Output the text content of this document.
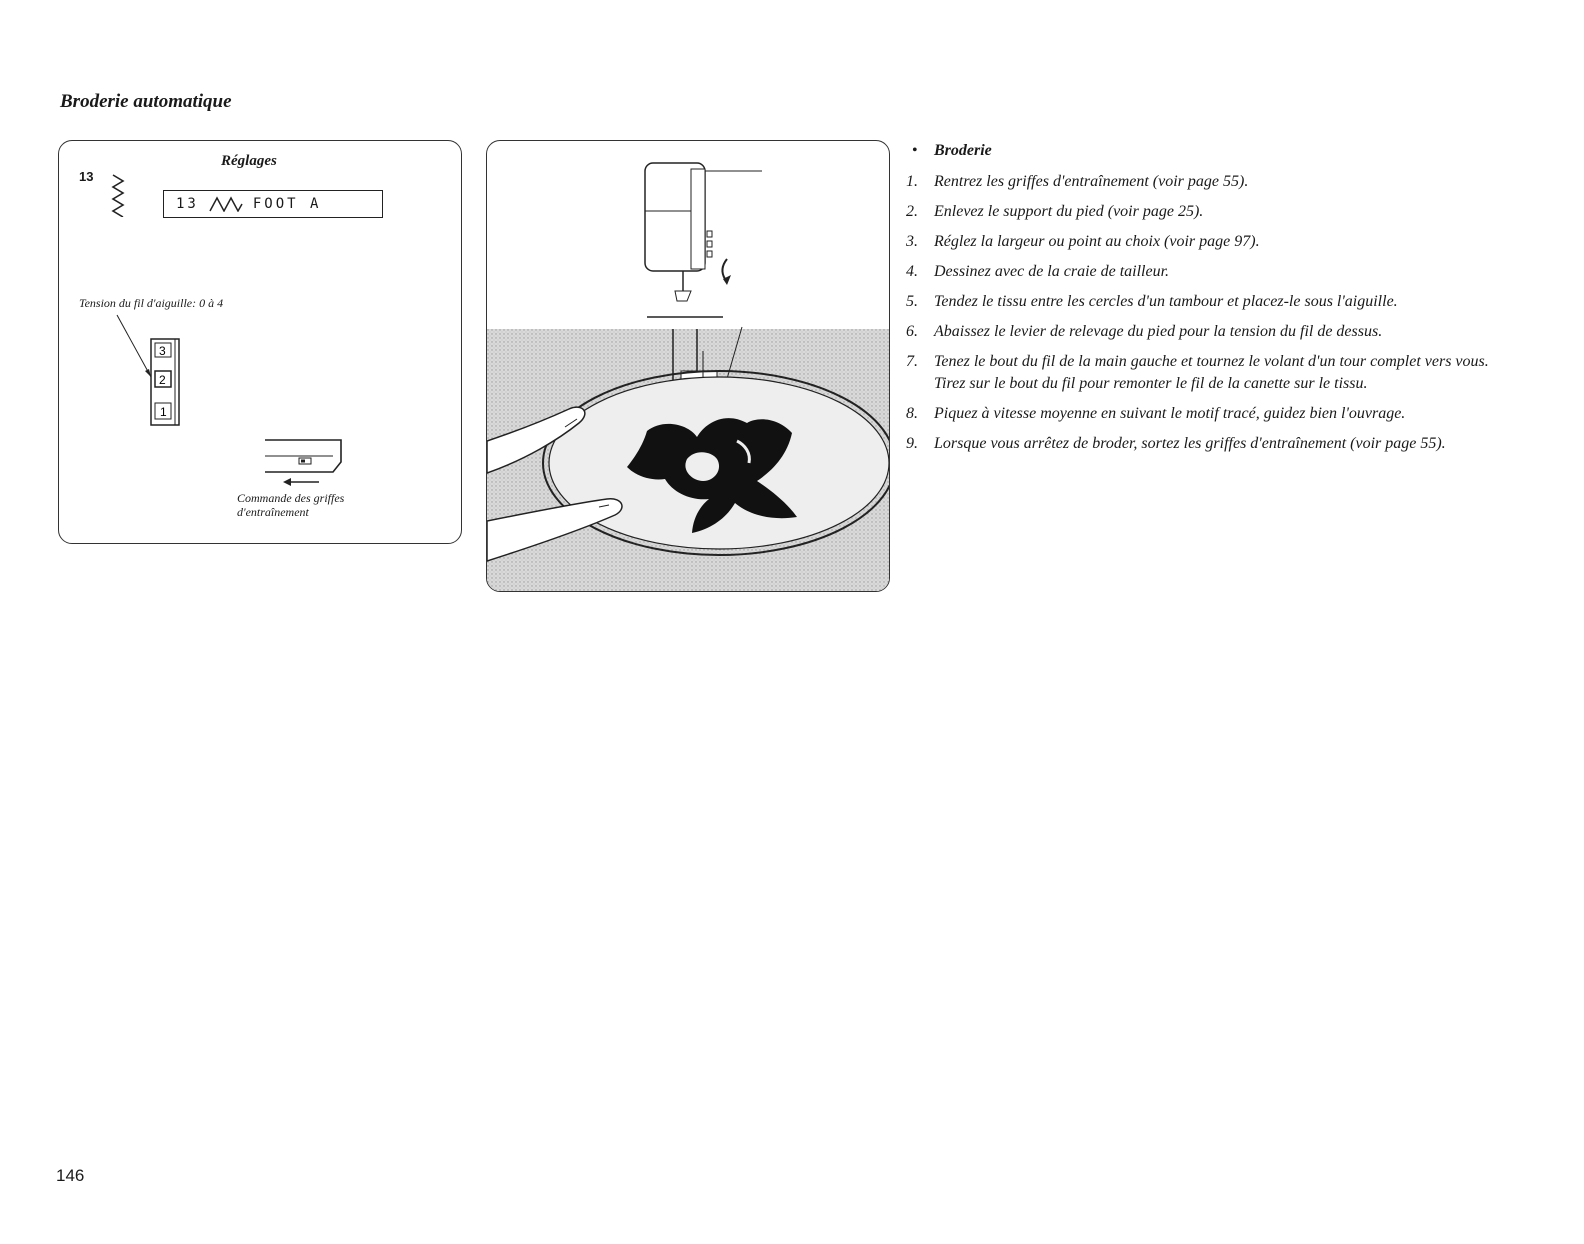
Broderie automatique
13
Réglages
13	FOOT A
Tension du fil d'aiguille: 0 à 4
3
2
1
Commande des griffes
d'entraînement
•	Broderie
1.	Rentrez les griffes d'entraînement (voir page 55).
2.	Enlevez le support du pied (voir page 25).
3.	Réglez la largeur ou point au choix (voir page 97).
4.	Dessinez avec de la craie de tailleur.
5.	Tendez le tissu entre les cercles d'un tambour et placez-le sous l'aiguille.
6.	Abaissez le levier de relevage du pied pour la tension du fil de dessus.
7.	Tenez le bout du fil de la main gauche et tournez le volant d'un tour complet vers vous.
Tirez sur le bout du fil pour remonter le fil de la canette sur le tissu.
8.	Piquez à vitesse moyenne en suivant le motif tracé, guidez bien l'ouvrage.
9.	Lorsque vous arrêtez de broder, sortez les griffes d'entraînement (voir page 55).
146
